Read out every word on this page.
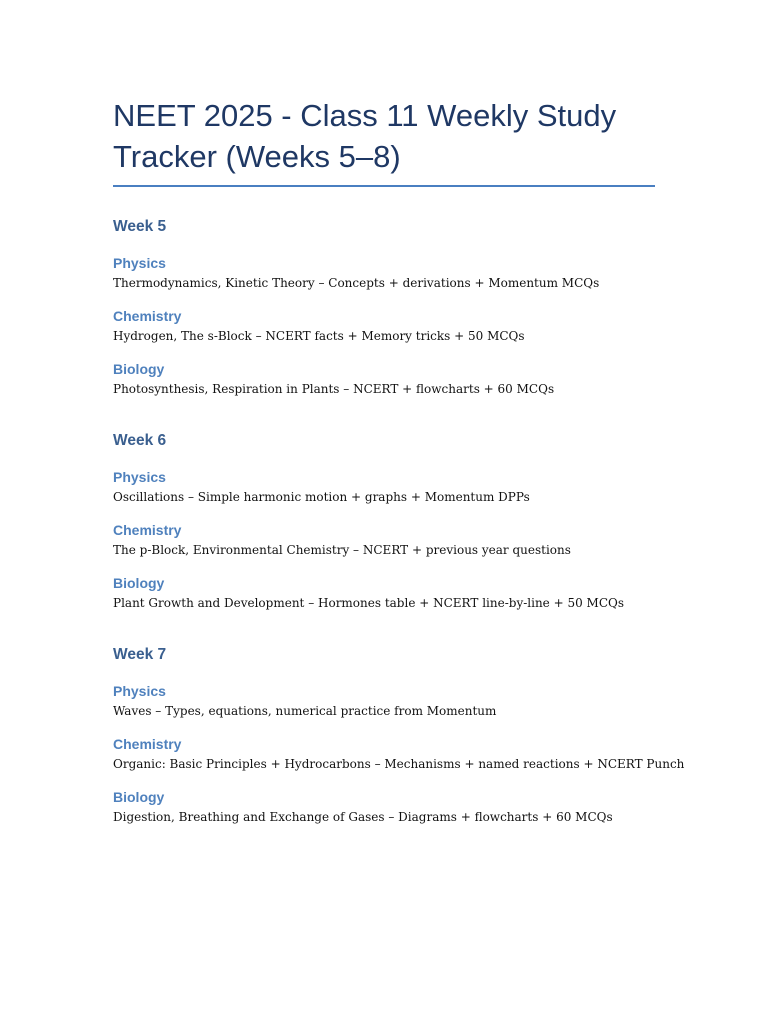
NEET 2025 - Class 11 Weekly Study Tracker (Weeks 5–8)
Week 5
Physics

Thermodynamics, Kinetic Theory – Concepts + derivations + Momentum MCQs

Chemistry

Hydrogen, The s-Block – NCERT facts + Memory tricks + 50 MCQs

Biology

Photosynthesis, Respiration in Plants – NCERT + flowcharts + 60 MCQs

Week 6
Physics

Oscillations – Simple harmonic motion + graphs + Momentum DPPs

Chemistry

The p-Block, Environmental Chemistry – NCERT + previous year questions

Biology

Plant Growth and Development – Hormones table + NCERT line-by-line + 50 MCQs

Week 7
Physics

Waves – Types, equations, numerical practice from Momentum

Chemistry

Organic: Basic Principles + Hydrocarbons – Mechanisms + named reactions + NCERT Punch

Biology

Digestion, Breathing and Exchange of Gases – Diagrams + flowcharts + 60 MCQs
